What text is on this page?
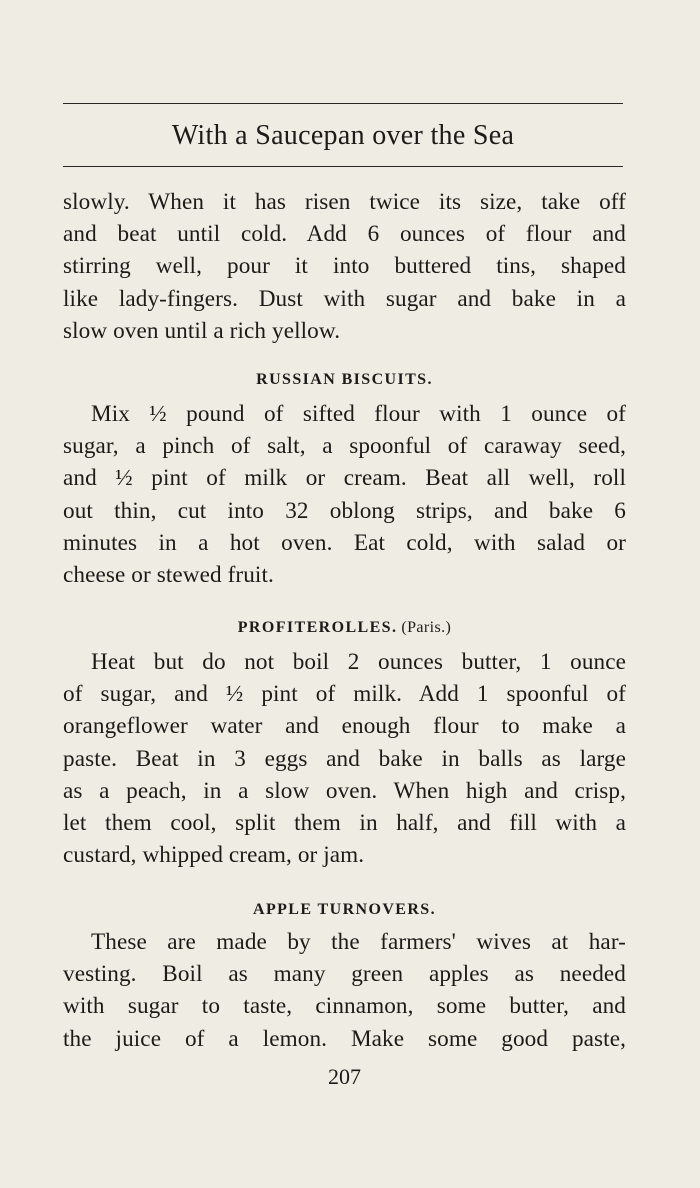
With a Saucepan over the Sea
slowly. When it has risen twice its size, take off
and beat until cold. Add 6 ounces of flour and
stirring well, pour it into buttered tins, shaped
like lady-fingers. Dust with sugar and bake in a
slow oven until a rich yellow.
RUSSIAN BISCUITS.
Mix ½ pound of sifted flour with 1 ounce of
sugar, a pinch of salt, a spoonful of caraway seed,
and ½ pint of milk or cream. Beat all well, roll
out thin, cut into 32 oblong strips, and bake 6
minutes in a hot oven. Eat cold, with salad or
cheese or stewed fruit.
PROFITEROLLES. (Paris.)
Heat but do not boil 2 ounces butter, 1 ounce
of sugar, and ½ pint of milk. Add 1 spoonful of
orangeflower water and enough flour to make a
paste. Beat in 3 eggs and bake in balls as large
as a peach, in a slow oven. When high and crisp,
let them cool, split them in half, and fill with a
custard, whipped cream, or jam.
APPLE TURNOVERS.
These are made by the farmers' wives at har-
vesting. Boil as many green apples as needed
with sugar to taste, cinnamon, some butter, and
the juice of a lemon. Make some good paste,
207
